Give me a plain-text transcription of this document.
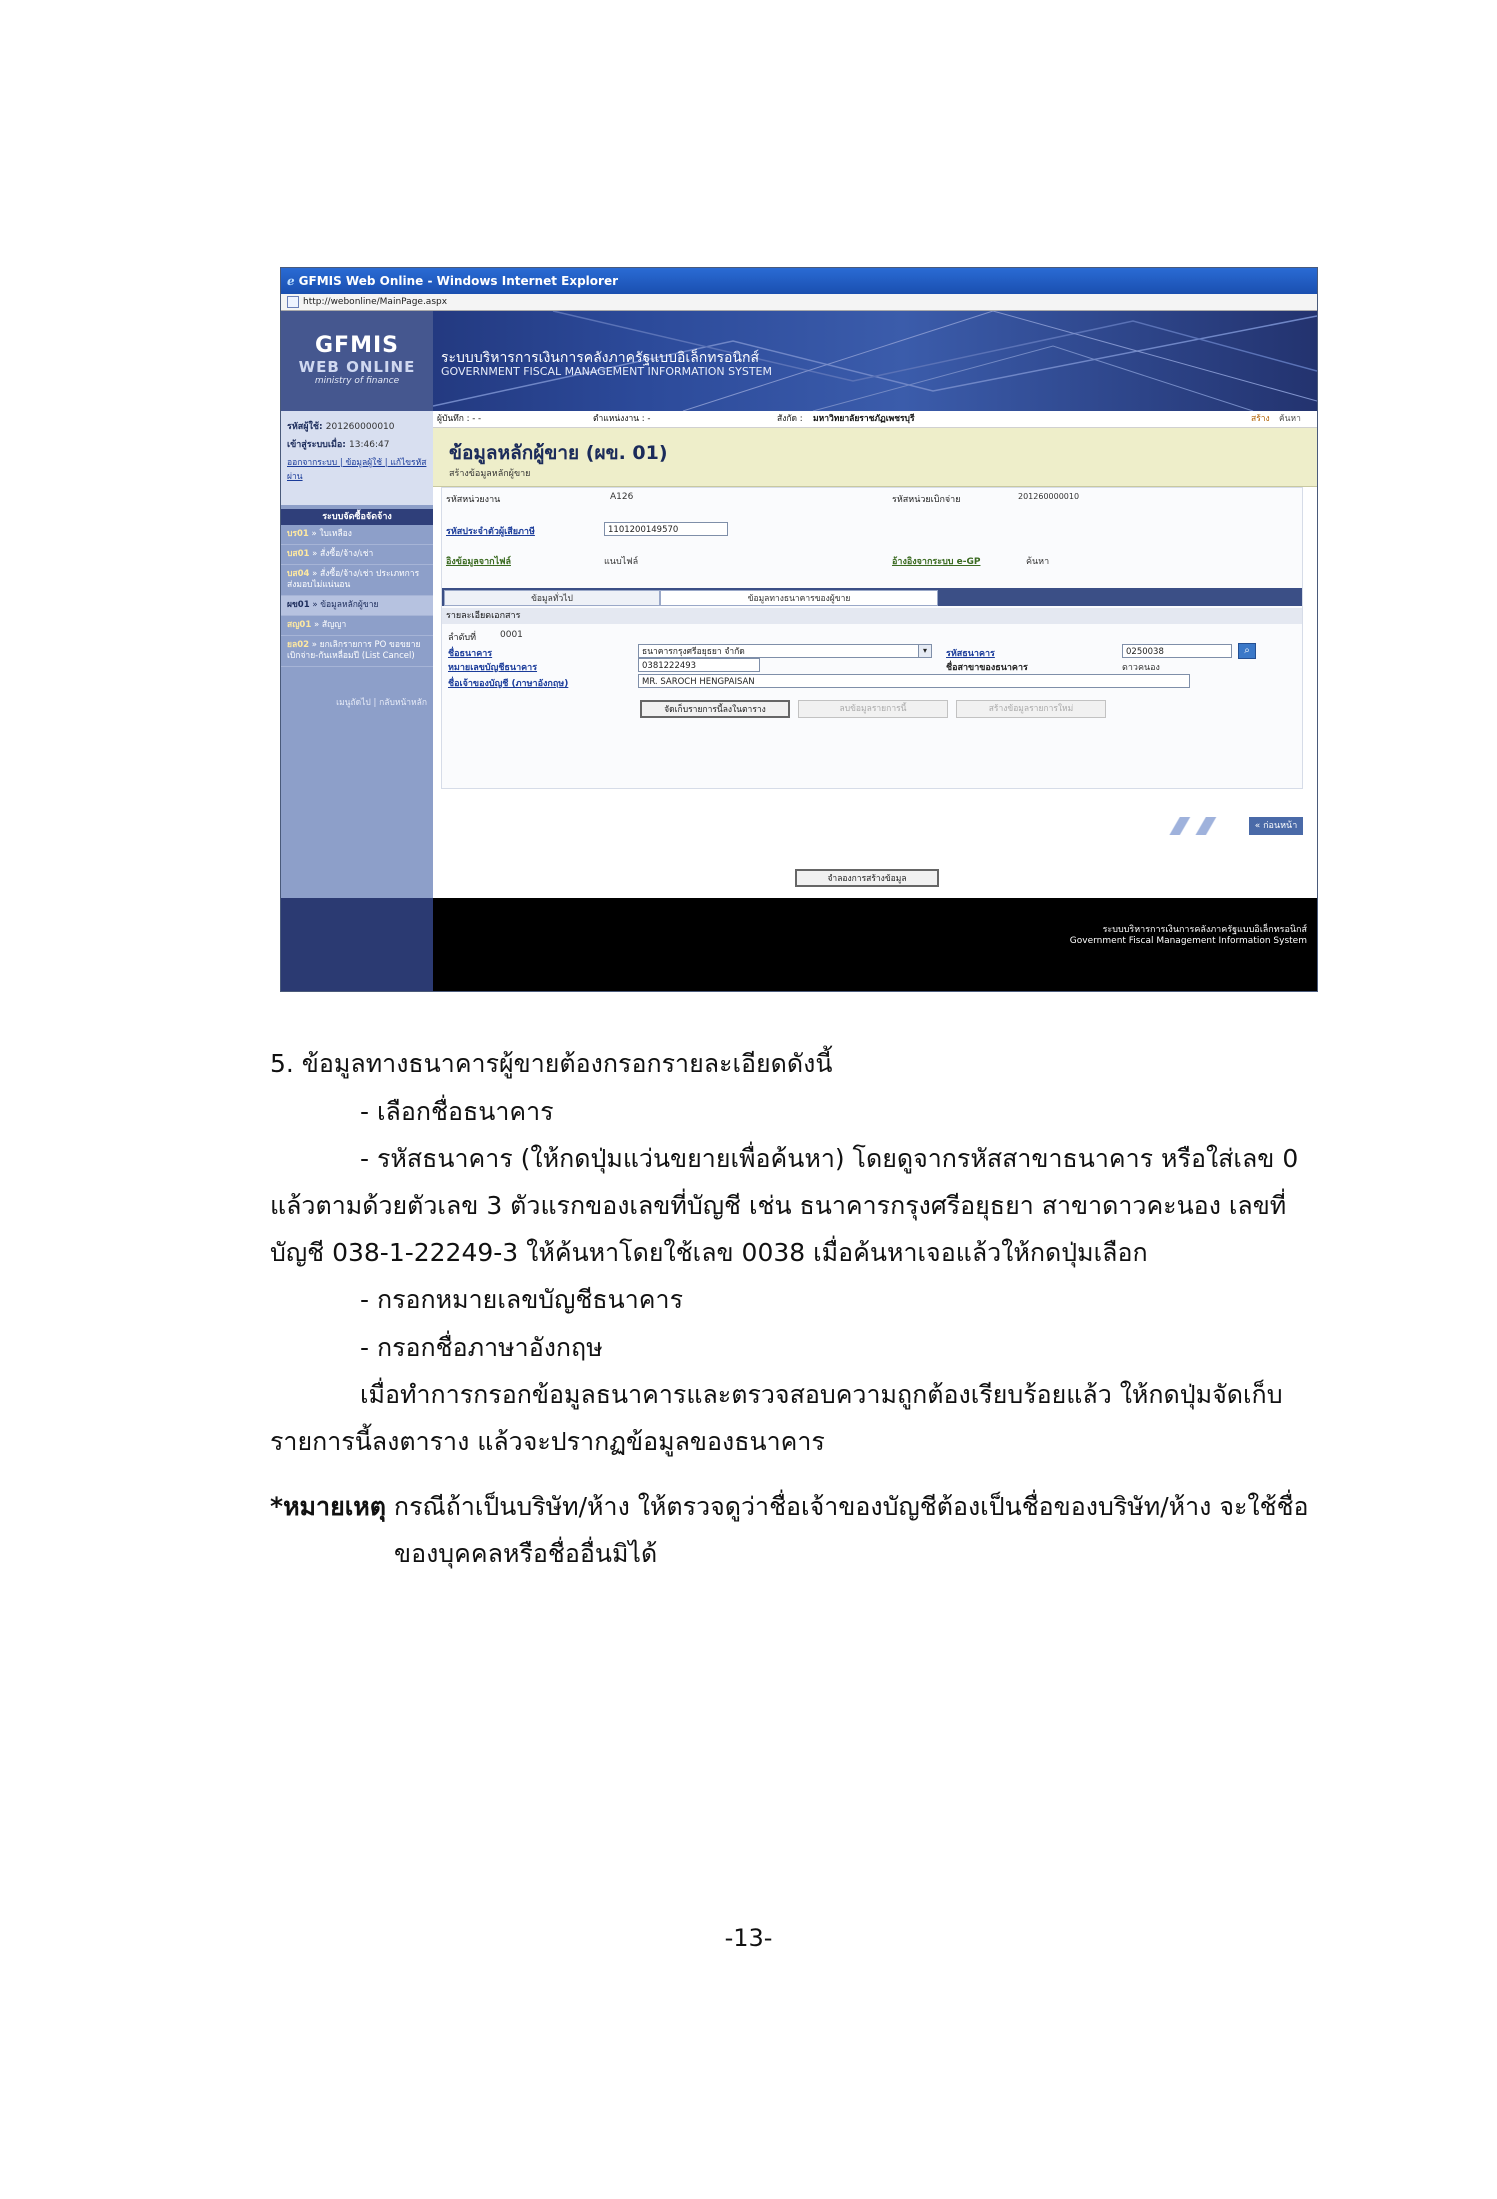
ℯ GFMIS Web Online - Windows Internet Explorer
http://webonline/MainPage.aspx
GFMIS
WEB ONLINE
ministry of finance
ระบบบริหารการเงินการคลังภาครัฐแบบอิเล็กทรอนิกส์
GOVERNMENT FISCAL MANAGEMENT INFORMATION SYSTEM
รหัสผู้ใช้: 201260000010
เข้าสู่ระบบเมื่อ: 13:46:47
ออกจากระบบ | ข้อมูลผู้ใช้ | แก้ไขรหัสผ่าน
ระบบจัดซื้อจัดจ้าง
บร01 » ใบเหลือง
บส01 » สั่งซื้อ/จ้าง/เช่า
บส04 » สั่งซื้อ/จ้าง/เช่า ประเภทการส่งมอบไม่แน่นอน
ผข01 » ข้อมูลหลักผู้ขาย
สญ01 » สัญญา
ยล02 » ยกเลิกรายการ PO ขอขยายเบิกจ่าย-กันเหลื่อมปี (List Cancel)
เมนูถัดไป | กลับหน้าหลัก
ผู้บันทึก : - -	ตำแหน่งงาน : -	สังกัด : มหาวิทยาลัยราชภัฏเพชรบุรี	สร้าง ค้นหา
ข้อมูลหลักผู้ขาย (ผข. 01)
สร้างข้อมูลหลักผู้ขาย
รหัสหน่วยงาน	A126	รหัสหน่วยเบิกจ่าย	201260000010
รหัสประจำตัวผู้เสียภาษี	1101200149570
อิงข้อมูลจากไฟล์	แนบไฟล์	อ้างอิงจากระบบ e-GP	ค้นหา
ข้อมูลทั่วไป	ข้อมูลทางธนาคารของผู้ขาย
รายละเอียดเอกสาร
ลำดับที่	0001
ชื่อธนาคาร	ธนาคารกรุงศรีอยุธยา จำกัด	▾	รหัสธนาคาร	0250038	⌕
หมายเลขบัญชีธนาคาร	0381222493	ชื่อสาขาของธนาคาร	ดาวคนอง
ชื่อเจ้าของบัญชี (ภาษาอังกฤษ)	MR. SAROCH HENGPAISAN
จัดเก็บรายการนี้ลงในตาราง	ลบข้อมูลรายการนี้	สร้างข้อมูลรายการใหม่
« ก่อนหน้า
จำลองการสร้างข้อมูล
ระบบบริหารการเงินการคลังภาครัฐแบบอิเล็กทรอนิกส์
Government Fiscal Management Information System
5. ข้อมูลทางธนาคารผู้ขายต้องกรอกรายละเอียดดังนี้
- เลือกชื่อธนาคาร
- รหัสธนาคาร (ให้กดปุ่มแว่นขยายเพื่อค้นหา) โดยดูจากรหัสสาขาธนาคาร หรือใส่เลข 0
แล้วตามด้วยตัวเลข 3 ตัวแรกของเลขที่บัญชี เช่น ธนาคารกรุงศรีอยุธยา สาขาดาวคะนอง เลขที่
บัญชี 038-1-22249-3 ให้ค้นหาโดยใช้เลข 0038 เมื่อค้นหาเจอแล้วให้กดปุ่มเลือก
- กรอกหมายเลขบัญชีธนาคาร
- กรอกชื่อภาษาอังกฤษ
เมื่อทำการกรอกข้อมูลธนาคารและตรวจสอบความถูกต้องเรียบร้อยแล้ว ให้กดปุ่มจัดเก็บ
รายการนี้ลงตาราง แล้วจะปรากฏข้อมูลของธนาคาร
*หมายเหตุ กรณีถ้าเป็นบริษัท/ห้าง ให้ตรวจดูว่าชื่อเจ้าของบัญชีต้องเป็นชื่อของบริษัท/ห้าง จะใช้ชื่อ
ของบุคคลหรือชื่ออื่นมิได้
-13-
